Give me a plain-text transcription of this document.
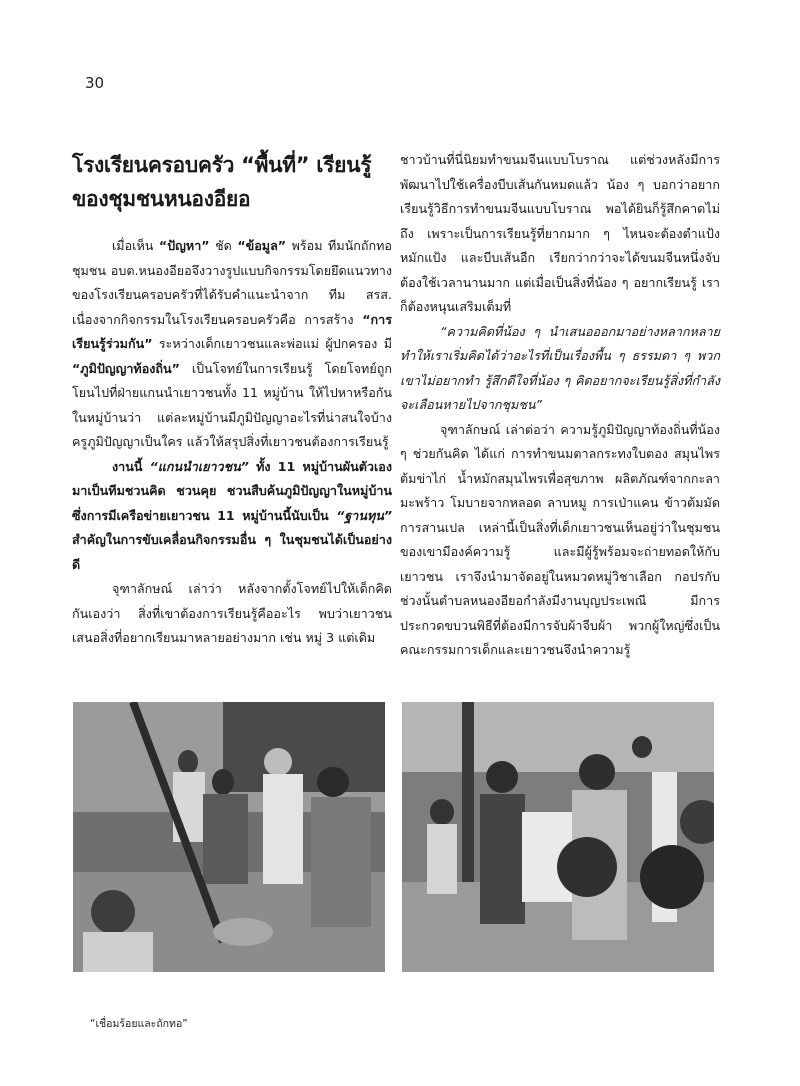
30
โรงเรียนครอบครัว “พื้นที่” เรียนรู้ของชุมชนหนองอียอ

เมื่อเห็น “ปัญหา” ชัด “ข้อมูล” พร้อม ทีมนักถักทอชุมชน อบต.หนองอียอจึงวางรูปแบบกิจกรรมโดยยึดแนวทางของโรงเรียนครอบครัวที่ได้รับคำแนะนำจาก ทีม สรส. เนื่องจากกิจกรรมในโรงเรียนครอบครัวคือ การสร้าง “การเรียนรู้ร่วมกัน” ระหว่างเด็กเยาวชนและพ่อแม่ ผู้ปกครอง มี “ภูมิปัญญาท้องถิ่น” เป็นโจทย์ในการเรียนรู้ โดยโจทย์ถูกโยนไปที่ฝ่ายแกนนำเยาวชนทั้ง 11 หมู่บ้าน ให้ไปหาหรือกันในหมู่บ้านว่า แต่ละหมู่บ้านมีภูมิปัญญาอะไรที่น่าสนใจบ้าง ครูภูมิปัญญาเป็นใคร แล้วให้สรุปสิ่งที่เยาวชนต้องการเรียนรู้

งานนี้ “แกนนำเยาวชน” ทั้ง 11 หมู่บ้านผันตัวเองมาเป็นทีมชวนคิด ชวนคุย ชวนสืบค้นภูมิปัญญาในหมู่บ้าน ซึ่งการมีเครือข่ายเยาวชน 11 หมู่บ้านนี้นับเป็น “ฐานทุน” สำคัญในการขับเคลื่อนกิจกรรมอื่น ๆ ในชุมชนได้เป็นอย่างดี

จุฑาลักษณ์ เล่าว่า หลังจากตั้งโจทย์ไปให้เด็กคิดกันเองว่า สิ่งที่เขาต้องการเรียนรู้คืออะไร พบว่าเยาวชนเสนอสิ่งที่อยากเรียนมาหลายอย่างมาก เช่น หมู่ 3 แต่เดิม

ชาวบ้านที่นี่นิยมทำขนมจีนแบบโบราณ แต่ช่วงหลังมีการพัฒนาไปใช้เครื่องบีบเส้นกันหมดแล้ว น้อง ๆ บอกว่าอยากเรียนรู้วิธีการทำขนมจีนแบบโบราณ พอได้ยินก็รู้สึกคาดไม่ถึง เพราะเป็นการเรียนรู้ที่ยากมาก ๆ ไหนจะต้องตำแป้ง หมักแป้ง และบีบเส้นอีก เรียกว่ากว่าจะได้ขนมจีนหนึ่งจับต้องใช้เวลานานมาก แต่เมื่อเป็นสิ่งที่น้อง ๆ อยากเรียนรู้ เราก็ต้องหนุนเสริมเต็มที่

“ความคิดที่น้อง ๆ นำเสนอออกมาอย่างหลากหลายทำให้เราเริ่มคิดได้ว่าอะไรที่เป็นเรื่องพื้น ๆ ธรรมดา ๆ พวกเขาไม่อยากทำ รู้สึกดีใจที่น้อง ๆ คิดอยากจะเรียนรู้สิ่งที่กำลังจะเลือนหายไปจากชุมชน”

จุฑาลักษณ์ เล่าต่อว่า ความรู้ภูมิปัญญาท้องถิ่นที่น้อง ๆ ช่วยกันคิด ได้แก่ การทำขนมตาลกระทงใบตอง สมุนไพร ต้มข่าไก่ น้ำหมักสมุนไพรเพื่อสุขภาพ ผลิตภัณฑ์จากกะลามะพร้าว โมบายจากหลอด ลาบหมู การเป่าแคน ข้าวต้มมัด การสานเปล เหล่านี้เป็นสิ่งที่เด็กเยาวชนเห็นอยู่ว่าในชุมชนของเขามีองค์ความรู้ และมีผู้รู้พร้อมจะถ่ายทอดให้กับเยาวชน เราจึงนำมาจัดอยู่ในหมวดหมู่วิชาเลือก กอปรกับช่วงนั้นตำบลหนองอียอกำลังมีงานบุญประเพณี มีการประกวดขบวนพิธีที่ต้องมีการจับผ้าจีบผ้า พวกผู้ใหญ่ซึ่งเป็นคณะกรรมการเด็กและเยาวชนจึงนำความรู้

“เชื่อมร้อยและถักทอ”
